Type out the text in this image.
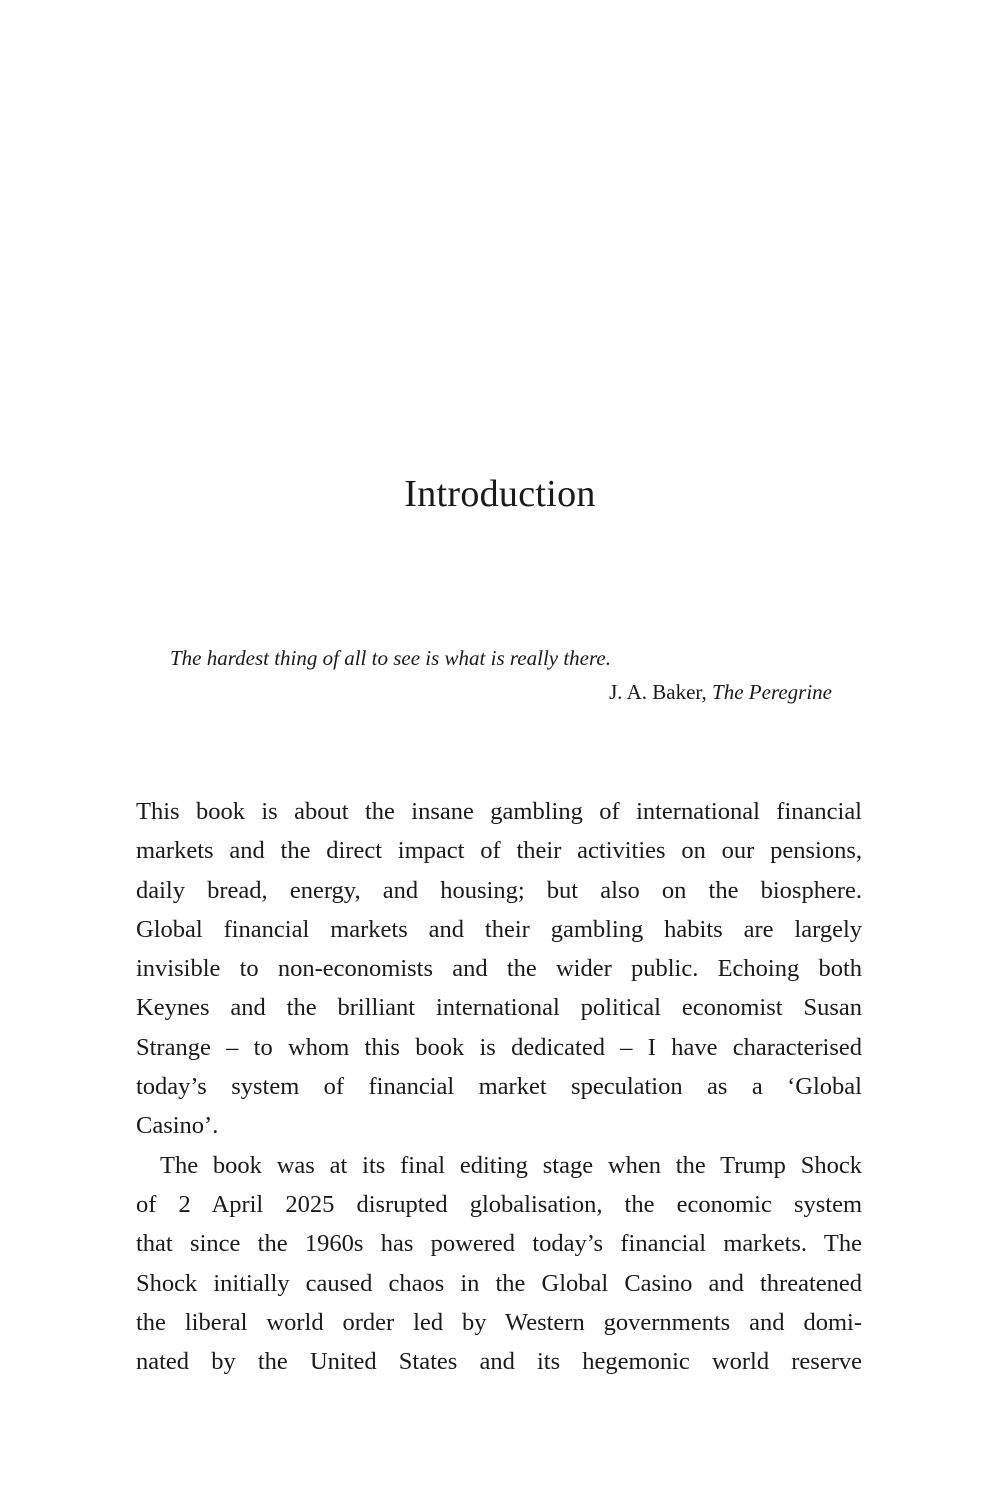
Introduction

The hardest thing of all to see is what is really there.

J. A. Baker, The Peregrine

This book is about the insane gambling of international financial
markets and the direct impact of their activities on our pensions,
daily bread, energy, and housing; but also on the biosphere.
Global financial markets and their gambling habits are largely
invisible to non-economists and the wider public. Echoing both
Keynes and the brilliant international political economist Susan
Strange – to whom this book is dedicated – I have characterised
today’s system of financial market speculation as a ‘Global
Casino’.

The book was at its final editing stage when the Trump Shock
of 2 April 2025 disrupted globalisation, the economic system
that since the 1960s has powered today’s financial markets. The
Shock initially caused chaos in the Global Casino and threatened
the liberal world order led by Western governments and domi-
nated by the United States and its hegemonic world reserve
